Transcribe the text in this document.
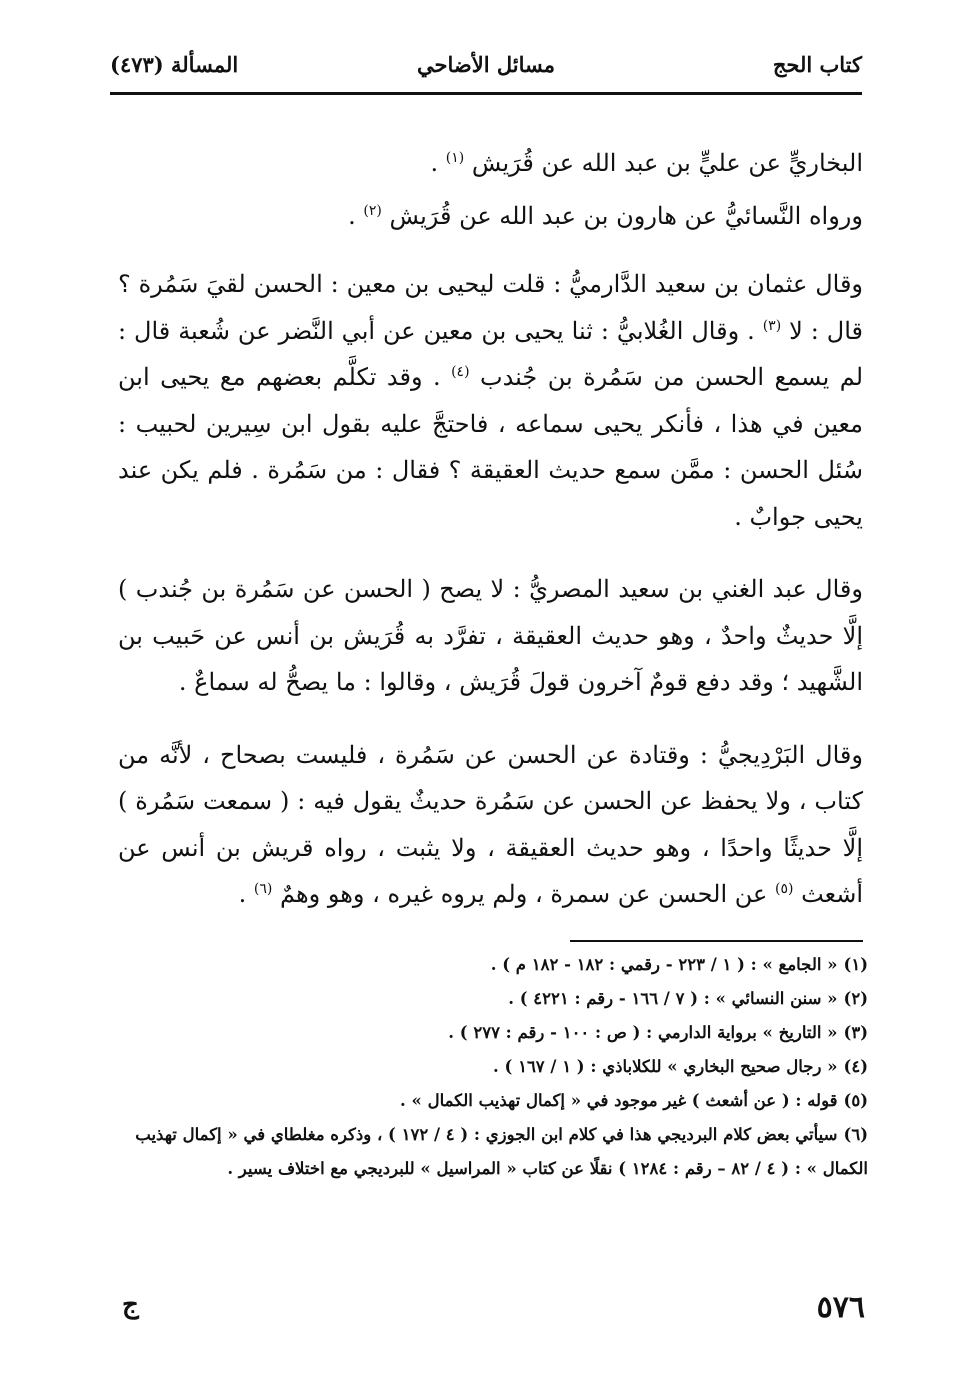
كتاب الحج
مسائل الأضاحي
المسألة (٤٧٣)

البخاريٍّ عن عليٍّ بن عبد الله عن قُرَيش $^{(١)}$ .

ورواه النَّسائيُّ عن هارون بن عبد الله عن قُرَيش $^{(٢)}$ .

وقال عثمان بن سعيد الدَّارميُّ : قلت ليحيى بن معين : الحسن لقيَ سَمُرة ؟ قال : لا $^{(٣)}$ . وقال الغُلابيُّ : ثنا يحيى بن معين عن أبي النَّضر عن شُعبة قال : لم يسمع الحسن من سَمُرة بن جُندب $^{(٤)}$ . وقد تكلَّم بعضهم مع يحيى ابن معين في هذا ، فأنكر يحيى سماعه ، فاحتجَّ عليه بقول ابن سِيرين لحبيب : سُئل الحسن : ممَّن سمع حديث العقيقة ؟ فقال : من سَمُرة . فلم يكن عند يحيى جوابٌ .

وقال عبد الغني بن سعيد المصريُّ : لا يصح ( الحسن عن سَمُرة بن جُندب ) إلَّا حديثٌ واحدٌ ، وهو حديث العقيقة ، تفرَّد به قُرَيش بن أنس عن حَبيب بن الشَّهيد ؛ وقد دفع قومٌ آخرون قولَ قُرَيش ، وقالوا : ما يصحُّ له سماعٌ .

وقال البَرْدِيجيُّ : وقتادة عن الحسن عن سَمُرة ، فليست بصحاح ، لأنَّه من كتاب ، ولا يحفظ عن الحسن عن سَمُرة حديثٌ يقول فيه : ( سمعت سَمُرة ) إلَّا حديثًا واحدًا ، وهو حديث العقيقة ، ولا يثبت ، رواه قريش بن أنس عن أشعث $^{(٥)}$ عن الحسن عن سمرة ، ولم يروه غيره ، وهو وهمٌ $^{(٦)}$ .

(١)« الجامع » : ( ١ / ٢٢٣ - رقمي : ١٨٢ - ١٨٢ م ) .

(٢)« سنن النسائي » : ( ٧ / ١٦٦ - رقم : ٤٢٢١ ) .

(٣)« التاريخ » برواية الدارمي : ( ص : ١٠٠ - رقم : ٢٧٧ ) .

(٤)« رجال صحيح البخاري » للكلاباذي : ( ١ / ١٦٧ ) .

(٥)قوله : ( عن أشعث ) غير موجود في « إكمال تهذيب الكمال » .

(٦)سيأتي بعض كلام البرديجي هذا في كلام ابن الجوزي : ( ٤ / ١٧٢ ) ، وذكره مغلطاي في « إكمال تهذيب الكمال » : ( ٤ / ٨٢ – رقم : ١٢٨٤ ) نقلًا عن كتاب « المراسيل » للبرديجي مع اختلاف يسير .

٥٧٦
ج
